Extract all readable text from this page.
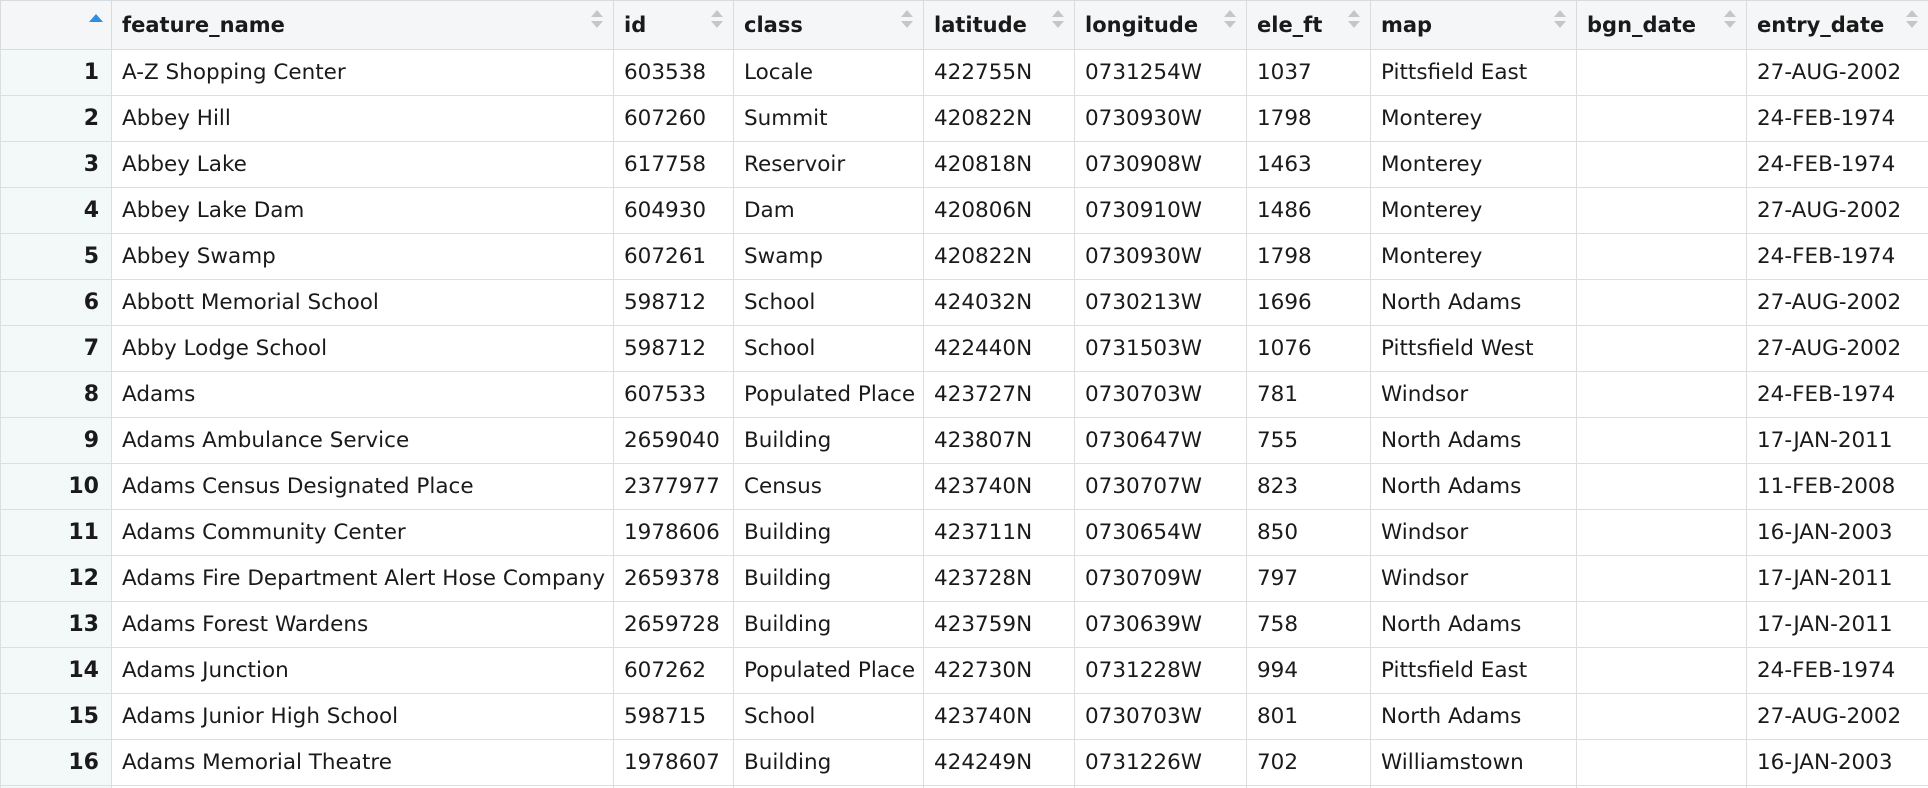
	feature_name	id	class	latitude	longitude	ele_ft	map	bgn_date	entry_date

1	A-Z Shopping Center	603538	Locale	422755N	0731254W	1037	Pittsfield East		27-AUG-2002
2	Abbey Hill	607260	Summit	420822N	0730930W	1798	Monterey		24-FEB-1974
3	Abbey Lake	617758	Reservoir	420818N	0730908W	1463	Monterey		24-FEB-1974
4	Abbey Lake Dam	604930	Dam	420806N	0730910W	1486	Monterey		27-AUG-2002
5	Abbey Swamp	607261	Swamp	420822N	0730930W	1798	Monterey		24-FEB-1974
6	Abbott Memorial School	598712	School	424032N	0730213W	1696	North Adams		27-AUG-2002
7	Abby Lodge School	598712	School	422440N	0731503W	1076	Pittsfield West		27-AUG-2002
8	Adams	607533	Populated Place	423727N	0730703W	781	Windsor		24-FEB-1974
9	Adams Ambulance Service	2659040	Building	423807N	0730647W	755	North Adams		17-JAN-2011
10	Adams Census Designated Place	2377977	Census	423740N	0730707W	823	North Adams		11-FEB-2008
11	Adams Community Center	1978606	Building	423711N	0730654W	850	Windsor		16-JAN-2003
12	Adams Fire Department Alert Hose Company	2659378	Building	423728N	0730709W	797	Windsor		17-JAN-2011
13	Adams Forest Wardens	2659728	Building	423759N	0730639W	758	North Adams		17-JAN-2011
14	Adams Junction	607262	Populated Place	422730N	0731228W	994	Pittsfield East		24-FEB-1974
15	Adams Junior High School	598715	School	423740N	0730703W	801	North Adams		27-AUG-2002
16	Adams Memorial Theatre	1978607	Building	424249N	0731226W	702	Williamstown		16-JAN-2003
